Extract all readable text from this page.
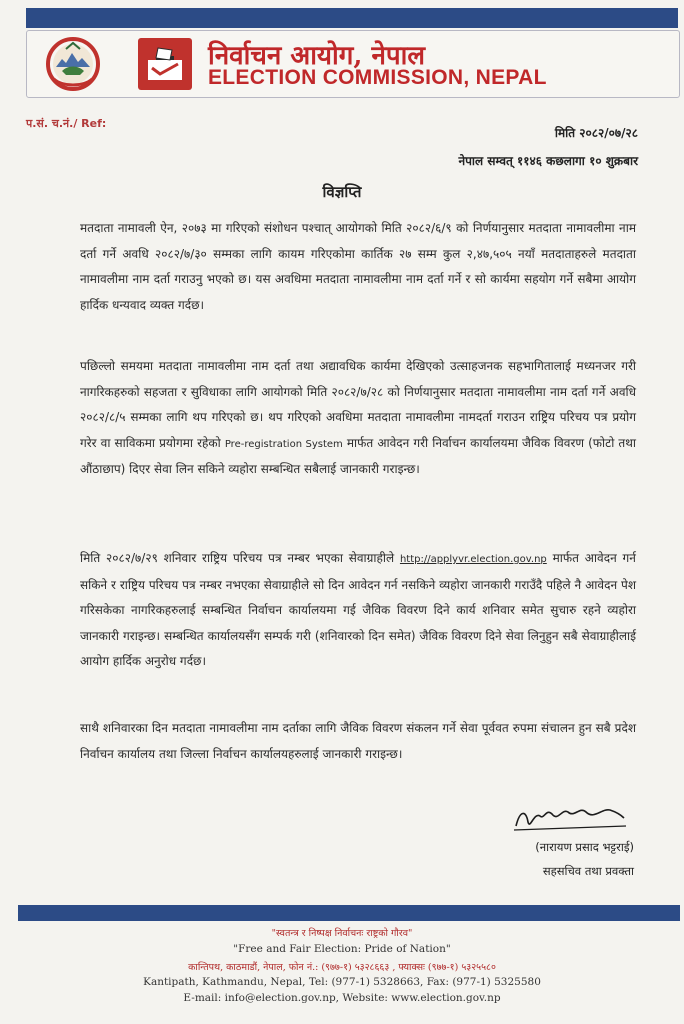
निर्वाचन आयोग, नेपाल
ELECTION COMMISSION, NEPAL
प.सं. च.नं./ Ref:
मिति २०८२/०७/२८
नेपाल सम्वत् ११४६ कछलागा १० शुक्रबार
विज्ञप्ति
मतदाता नामावली ऐन, २०७३ मा गरिएको संशोधन पश्चात् आयोगको मिति २०८२/६/९ को निर्णयानुसार मतदाता नामावलीमा नाम दर्ता गर्ने अवधि २०८२/७/३० सम्मका लागि कायम गरिएकोमा कार्तिक २७ सम्म कुल २,४७,५०५ नयाँ मतदाताहरुले मतदाता नामावलीमा नाम दर्ता गराउनु भएको छ। यस अवधिमा मतदाता नामावलीमा नाम दर्ता गर्ने र सो कार्यमा सहयोग गर्ने सबैमा आयोग हार्दिक धन्यवाद व्यक्त गर्दछ।
पछिल्लो समयमा मतदाता नामावलीमा नाम दर्ता तथा अद्यावधिक कार्यमा देखिएको उत्साहजनक सहभागितालाई मध्यनजर गरी नागरिकहरुको सहजता र सुविधाका लागि आयोगको मिति २०८२/७/२८ को निर्णयानुसार मतदाता नामावलीमा नाम दर्ता गर्ने अवधि २०८२/८/५ सम्मका लागि थप गरिएको छ। थप गरिएको अवधिमा मतदाता नामावलीमा नामदर्ता गराउन राष्ट्रिय परिचय पत्र प्रयोग गरेर वा साविकमा प्रयोगमा रहेको Pre-registration System मार्फत आवेदन गरी निर्वाचन कार्यालयमा जैविक विवरण (फोटो तथा औंठाछाप) दिएर सेवा लिन सकिने व्यहोरा सम्बन्धित सबैलाई जानकारी गराइन्छ।
मिति २०८२/७/२९ शनिवार राष्ट्रिय परिचय पत्र नम्बर भएका सेवाग्राहीले http://applyvr.election.gov.np मार्फत आवेदन गर्न सकिने र राष्ट्रिय परिचय पत्र नम्बर नभएका सेवाग्राहीले सो दिन आवेदन गर्न नसकिने व्यहोरा जानकारी गराउँदै पहिले नै आवेदन पेश गरिसकेका नागरिकहरुलाई सम्बन्धित निर्वाचन कार्यालयमा गई जैविक विवरण दिने कार्य शनिवार समेत सुचारु रहने व्यहोरा जानकारी गराइन्छ। सम्बन्धित कार्यालयसँग सम्पर्क गरी (शनिवारको दिन समेत) जैविक विवरण दिने सेवा लिनुहुन सबै सेवाग्राहीलाई आयोग हार्दिक अनुरोध गर्दछ।
साथै शनिवारका दिन मतदाता नामावलीमा नाम दर्ताका लागि जैविक विवरण संकलन गर्ने सेवा पूर्ववत रुपमा संचालन हुन सबै प्रदेश निर्वाचन कार्यालय तथा जिल्ला निर्वाचन कार्यालयहरुलाई जानकारी गराइन्छ।
(नारायण प्रसाद भट्टराई)
सहसचिव तथा प्रवक्ता
"स्वतन्त्र र निष्पक्ष निर्वाचनः राष्ट्रको गौरव"
"Free and Fair Election: Pride of Nation"
कान्तिपथ, काठमाडौं, नेपाल, फोन नं.: (९७७-१) ५३२८६६३ , फ्याक्सः (९७७-१) ५३२५५८०
Kantipath, Kathmandu, Nepal, Tel: (977-1) 5328663, Fax: (977-1) 5325580
E-mail: info@election.gov.np, Website: www.election.gov.np
